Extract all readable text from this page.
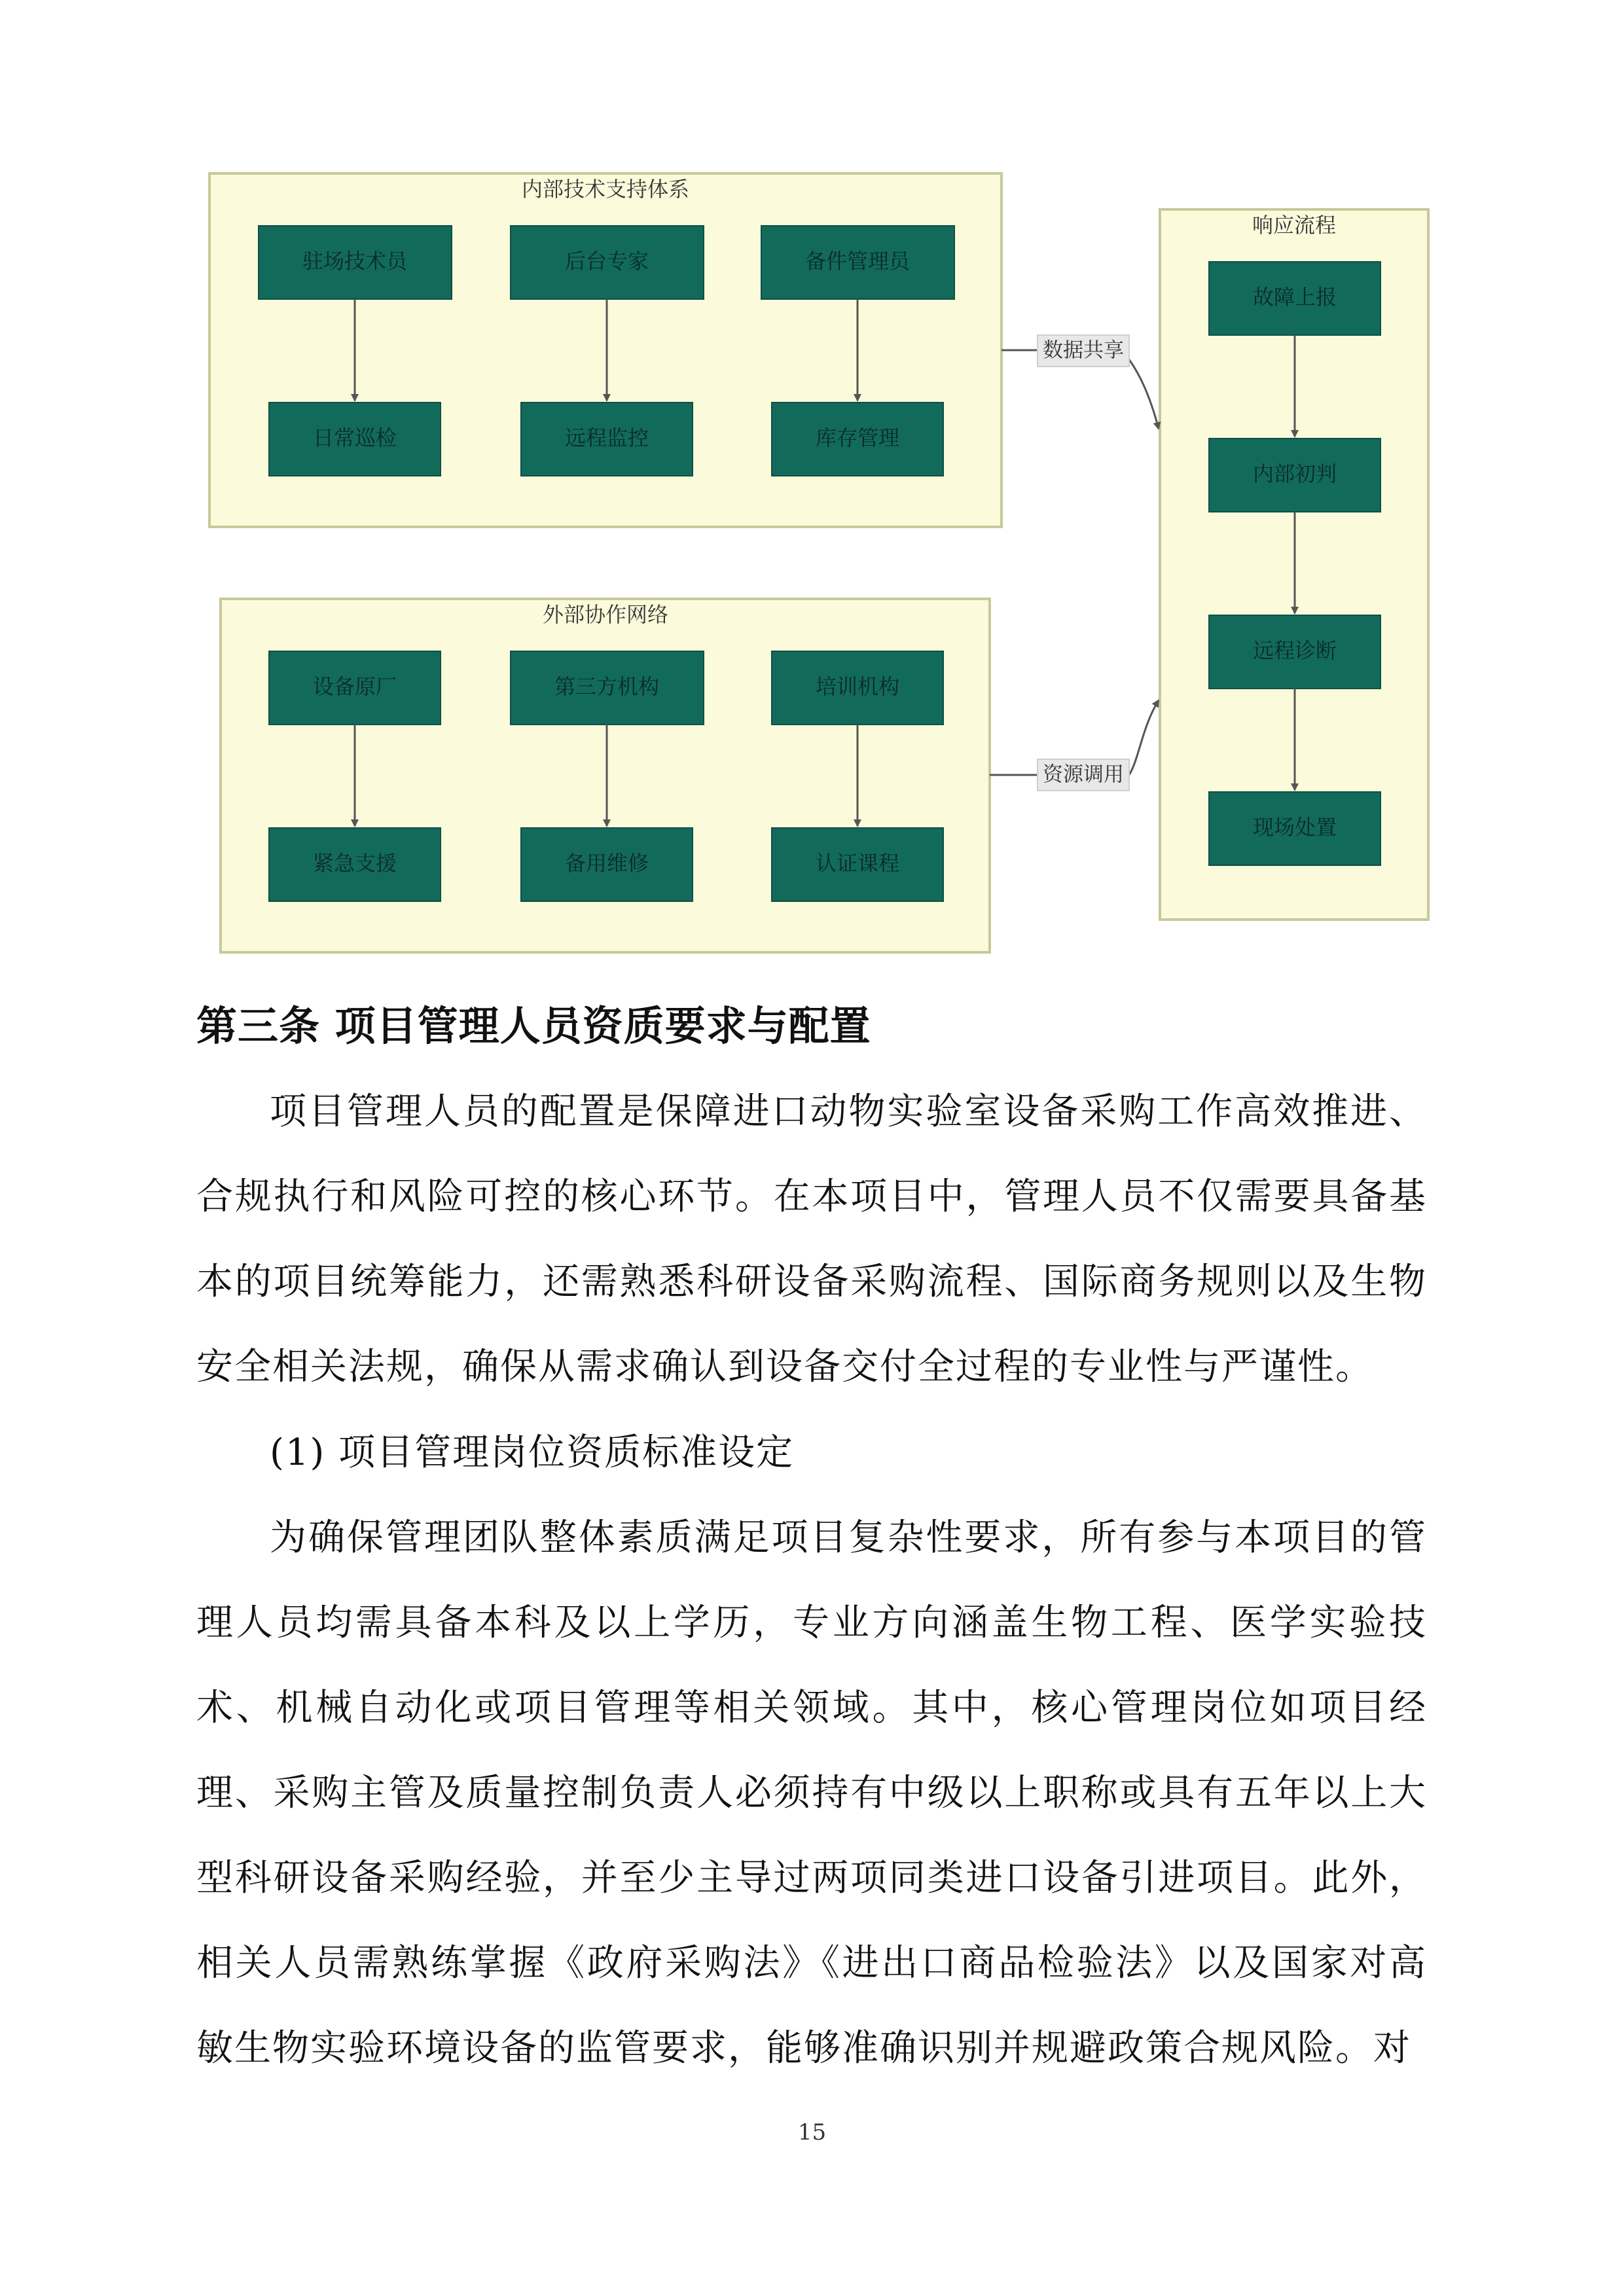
内部技术支持体系
驻场技术员	后台专家	备件管理员
日常巡检	远程监控	库存管理
外部协作网络
设备原厂	第三方机构	培训机构
紧急支援	备用维修	认证课程
响应流程
故障上报
内部初判
远程诊断
现场处置
数据共享
资源调用
第三条 项目管理人员资质要求与配置

项目管理人员的配置是保障进口动物实验室设备采购工作高效推进、合规执行和风险可控的核心环节。在本项目中，管理人员不仅需要具备基本的项目统筹能力，还需熟悉科研设备采购流程、国际商务规则以及生物安全相关法规，确保从需求确认到设备交付全过程的专业性与严谨性。

(1) 项目管理岗位资质标准设定

为确保管理团队整体素质满足项目复杂性要求，所有参与本项目的管理人员均需具备本科及以上学历，专业方向涵盖生物工程、医学实验技术、机械自动化或项目管理等相关领域。其中，核心管理岗位如项目经理、采购主管及质量控制负责人必须持有中级以上职称或具有五年以上大型科研设备采购经验，并至少主导过两项同类进口设备引进项目。此外，相关人员需熟练掌握《政府采购法》《进出口商品检验法》以及国家对高敏生物实验环境设备的监管要求，能够准确识别并规避政策合规风险。对

15
